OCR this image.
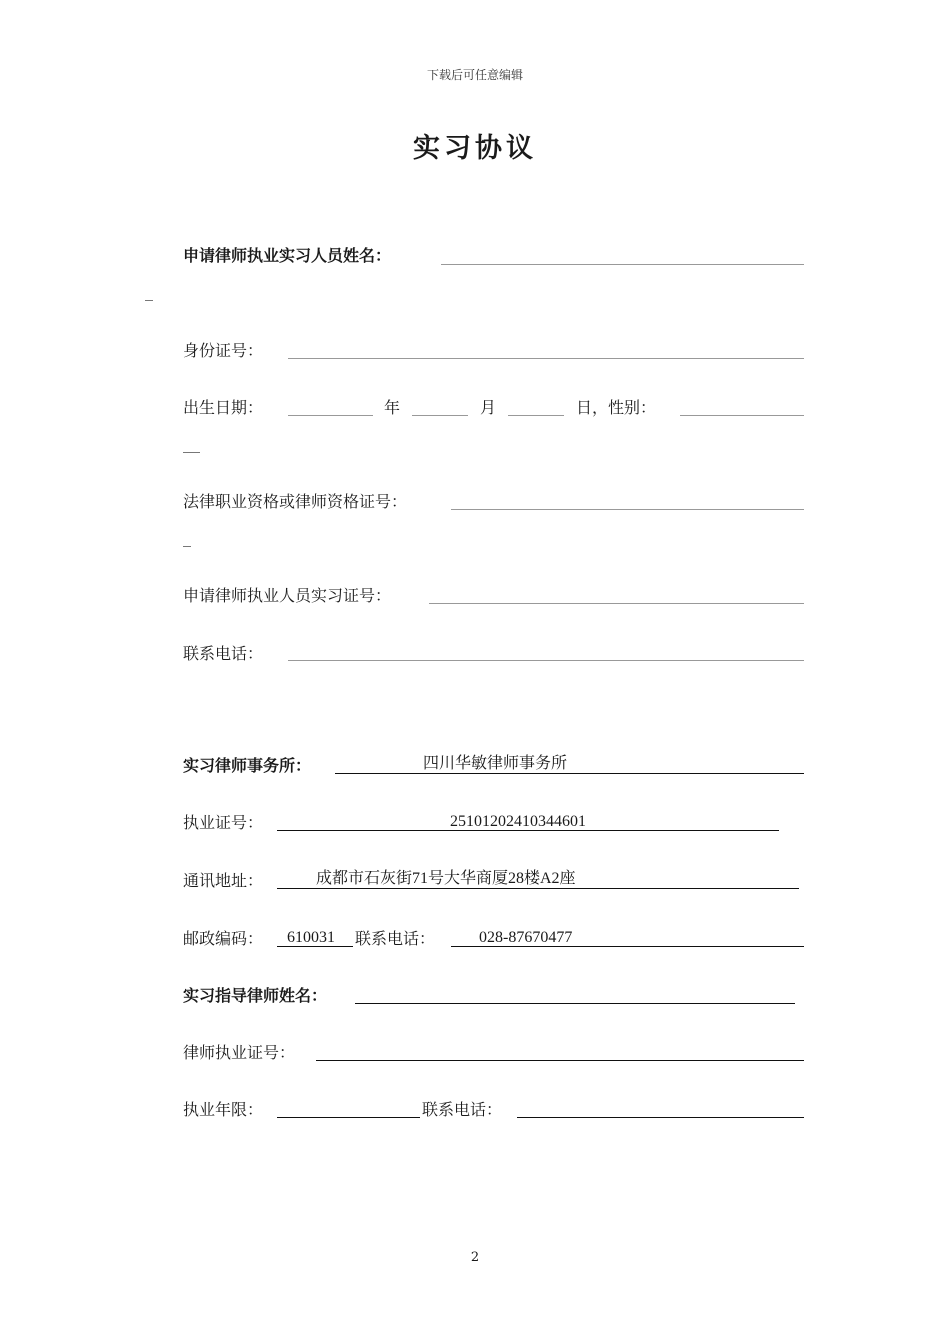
下载后可任意编辑
实习协议
申请律师执业实习人员姓名：
身份证号：
出生日期：	年	月	日，性别：
法律职业资格或律师资格证号：
申请律师执业人员实习证号：
联系电话：
实习律师事务所：	四川华敏律师事务所
执业证号：	25101202410344601
通讯地址：	成都市石灰街71号大华商厦28楼A2座
邮政编码： 610031 联系电话：	028-87670477
实习指导律师姓名：
律师执业证号：
执业年限：	联系电话：
2
